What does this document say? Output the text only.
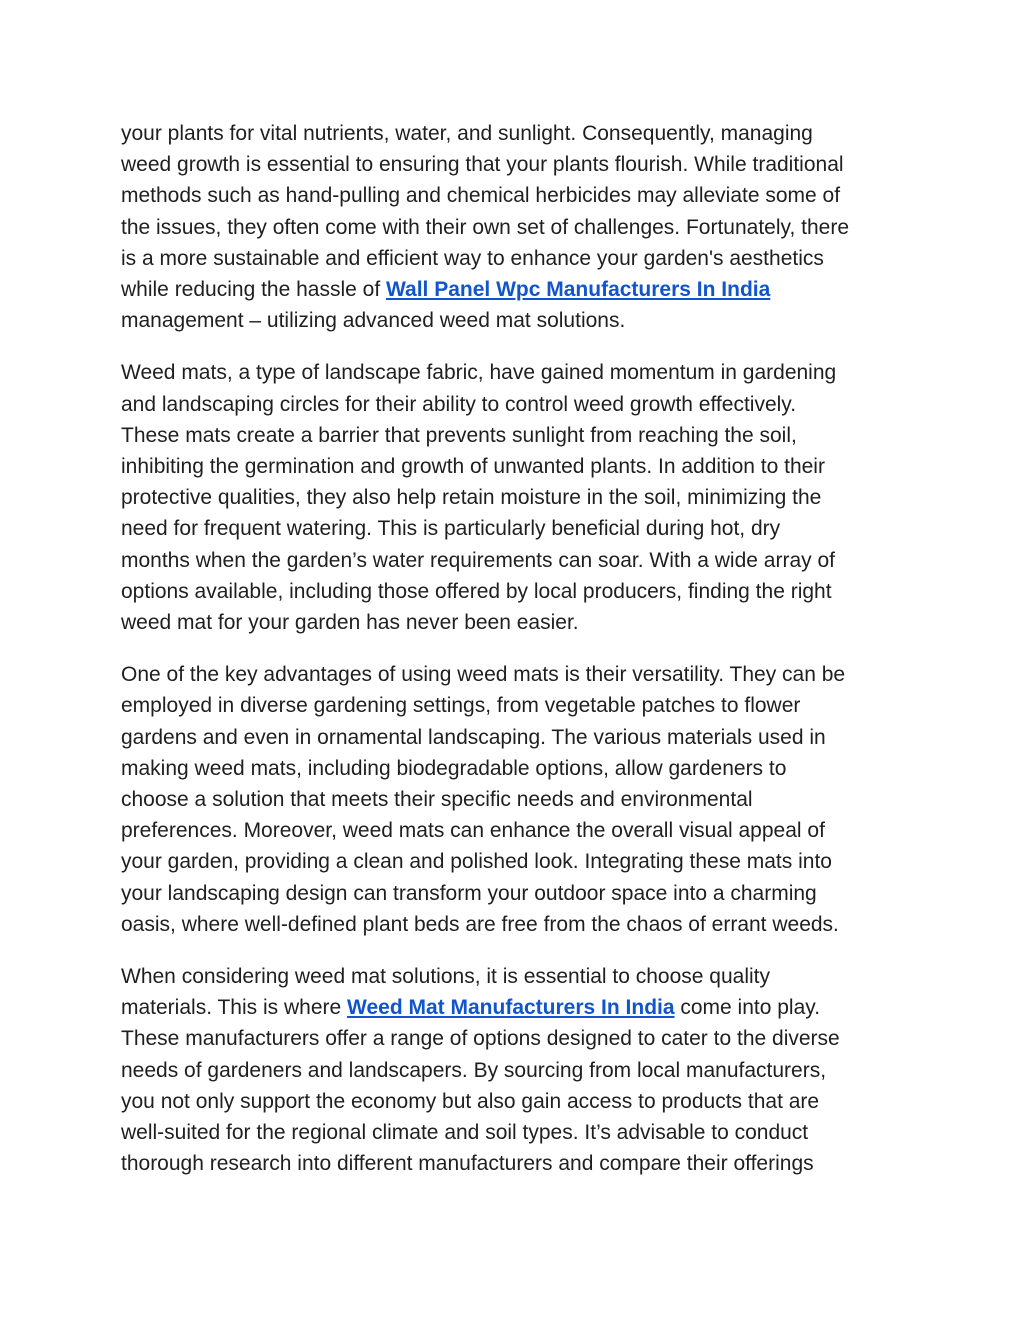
your plants for vital nutrients, water, and sunlight. Consequently, managing
weed growth is essential to ensuring that your plants flourish. While traditional
methods such as hand-pulling and chemical herbicides may alleviate some of
the issues, they often come with their own set of challenges. Fortunately, there
is a more sustainable and efficient way to enhance your garden's aesthetics
while reducing the hassle of Wall Panel Wpc Manufacturers In India
management – utilizing advanced weed mat solutions.

Weed mats, a type of landscape fabric, have gained momentum in gardening
and landscaping circles for their ability to control weed growth effectively.
These mats create a barrier that prevents sunlight from reaching the soil,
inhibiting the germination and growth of unwanted plants. In addition to their
protective qualities, they also help retain moisture in the soil, minimizing the
need for frequent watering. This is particularly beneficial during hot, dry
months when the garden’s water requirements can soar. With a wide array of
options available, including those offered by local producers, finding the right
weed mat for your garden has never been easier.

One of the key advantages of using weed mats is their versatility. They can be
employed in diverse gardening settings, from vegetable patches to flower
gardens and even in ornamental landscaping. The various materials used in
making weed mats, including biodegradable options, allow gardeners to
choose a solution that meets their specific needs and environmental
preferences. Moreover, weed mats can enhance the overall visual appeal of
your garden, providing a clean and polished look. Integrating these mats into
your landscaping design can transform your outdoor space into a charming
oasis, where well-defined plant beds are free from the chaos of errant weeds.

When considering weed mat solutions, it is essential to choose quality
materials. This is where Weed Mat Manufacturers In India come into play.
These manufacturers offer a range of options designed to cater to the diverse
needs of gardeners and landscapers. By sourcing from local manufacturers,
you not only support the economy but also gain access to products that are
well-suited for the regional climate and soil types. It’s advisable to conduct
thorough research into different manufacturers and compare their offerings
